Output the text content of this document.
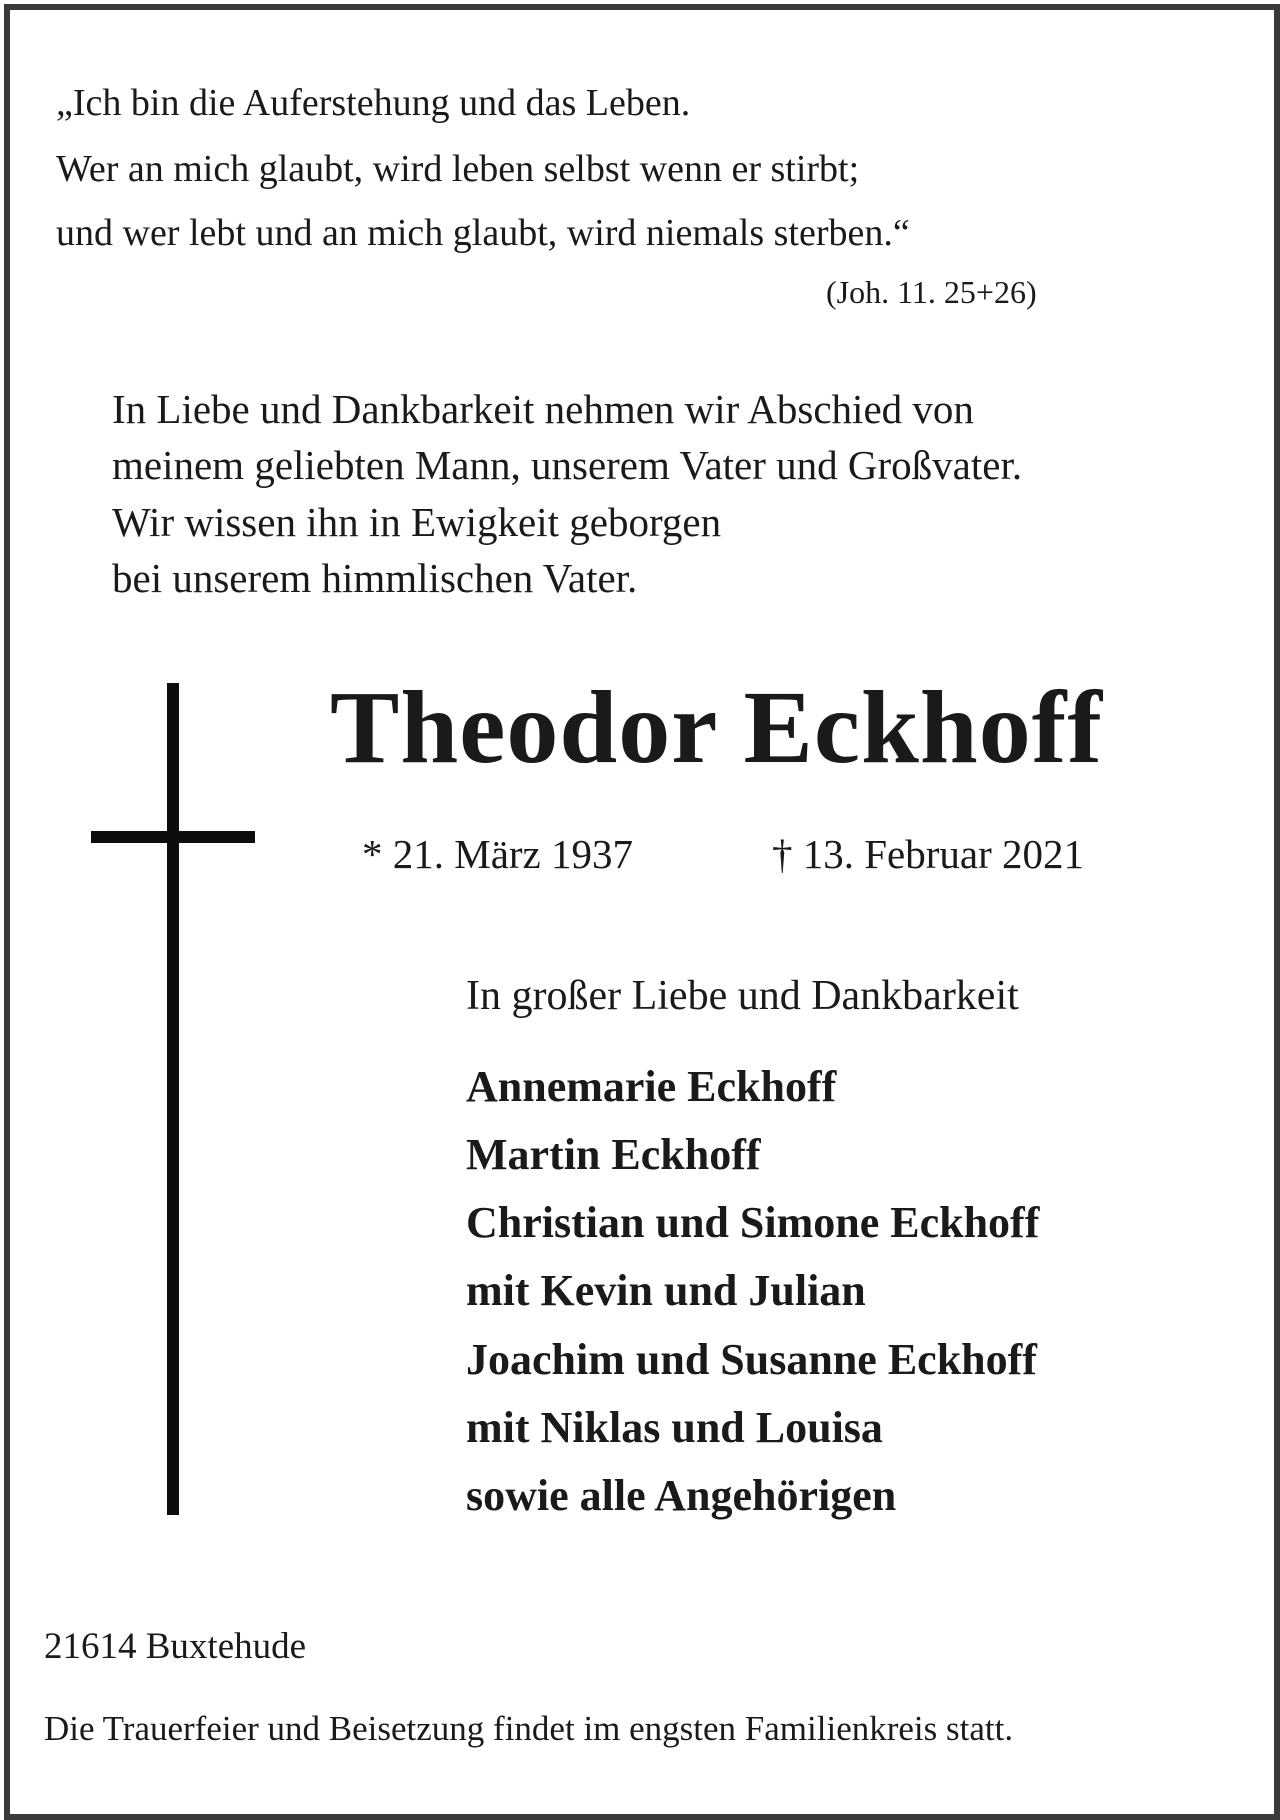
„Ich bin die Auferstehung und das Leben.
Wer an mich glaubt, wird leben selbst wenn er stirbt;
und wer lebt und an mich glaubt, wird niemals sterben.“
(Joh. 11. 25+26)
In Liebe und Dankbarkeit nehmen wir Abschied von
meinem geliebten Mann, unserem Vater und Großvater.
Wir wissen ihn in Ewigkeit geborgen
bei unserem himmlischen Vater.
Theodor Eckhoff
* 21. März 1937	† 13. Februar 2021
In großer Liebe und Dankbarkeit
Annemarie Eckhoff
Martin Eckhoff
Christian und Simone Eckhoff
mit Kevin und Julian
Joachim und Susanne Eckhoff
mit Niklas und Louisa
sowie alle Angehörigen
21614 Buxtehude
Die Trauerfeier und Beisetzung findet im engsten Familienkreis statt.
